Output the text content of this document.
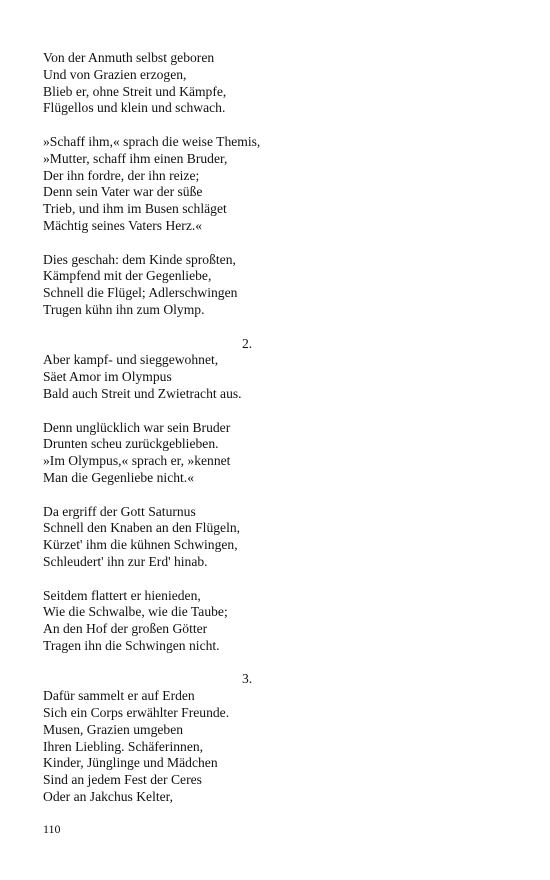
Von der Anmuth selbst geboren
Und von Grazien erzogen,
Blieb er, ohne Streit und Kämpfe,
Flügellos und klein und schwach.
»Schaff ihm,« sprach die weise Themis,
»Mutter, schaff ihm einen Bruder,
Der ihn fordre, der ihn reize;
Denn sein Vater war der süße
Trieb, und ihm im Busen schläget
Mächtig seines Vaters Herz.«
Dies geschah: dem Kinde sproßten,
Kämpfend mit der Gegenliebe,
Schnell die Flügel; Adlerschwingen
Trugen kühn ihn zum Olymp.
2.
Aber kampf- und sieggewohnet,
Säet Amor im Olympus
Bald auch Streit und Zwietracht aus.
Denn unglücklich war sein Bruder
Drunten scheu zurückgeblieben.
»Im Olympus,« sprach er, »kennet
Man die Gegenliebe nicht.«
Da ergriff der Gott Saturnus
Schnell den Knaben an den Flügeln,
Kürzet' ihm die kühnen Schwingen,
Schleudert' ihn zur Erd' hinab.
Seitdem flattert er hienieden,
Wie die Schwalbe, wie die Taube;
An den Hof der großen Götter
Tragen ihn die Schwingen nicht.
3.
Dafür sammelt er auf Erden
Sich ein Corps erwählter Freunde.
Musen, Grazien umgeben
Ihren Liebling. Schäferinnen,
Kinder, Jünglinge und Mädchen
Sind an jedem Fest der Ceres
Oder an Jakchus Kelter,
110
